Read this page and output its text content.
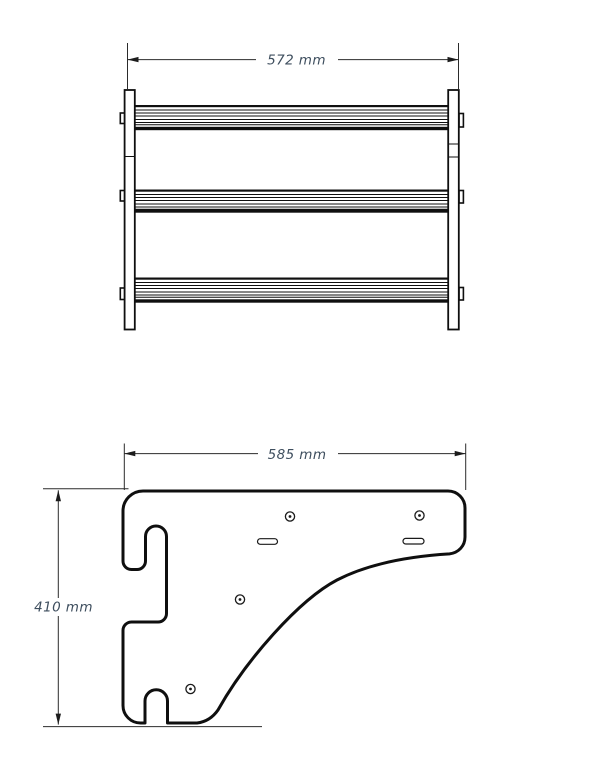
572 mm
585 mm
410 mm
